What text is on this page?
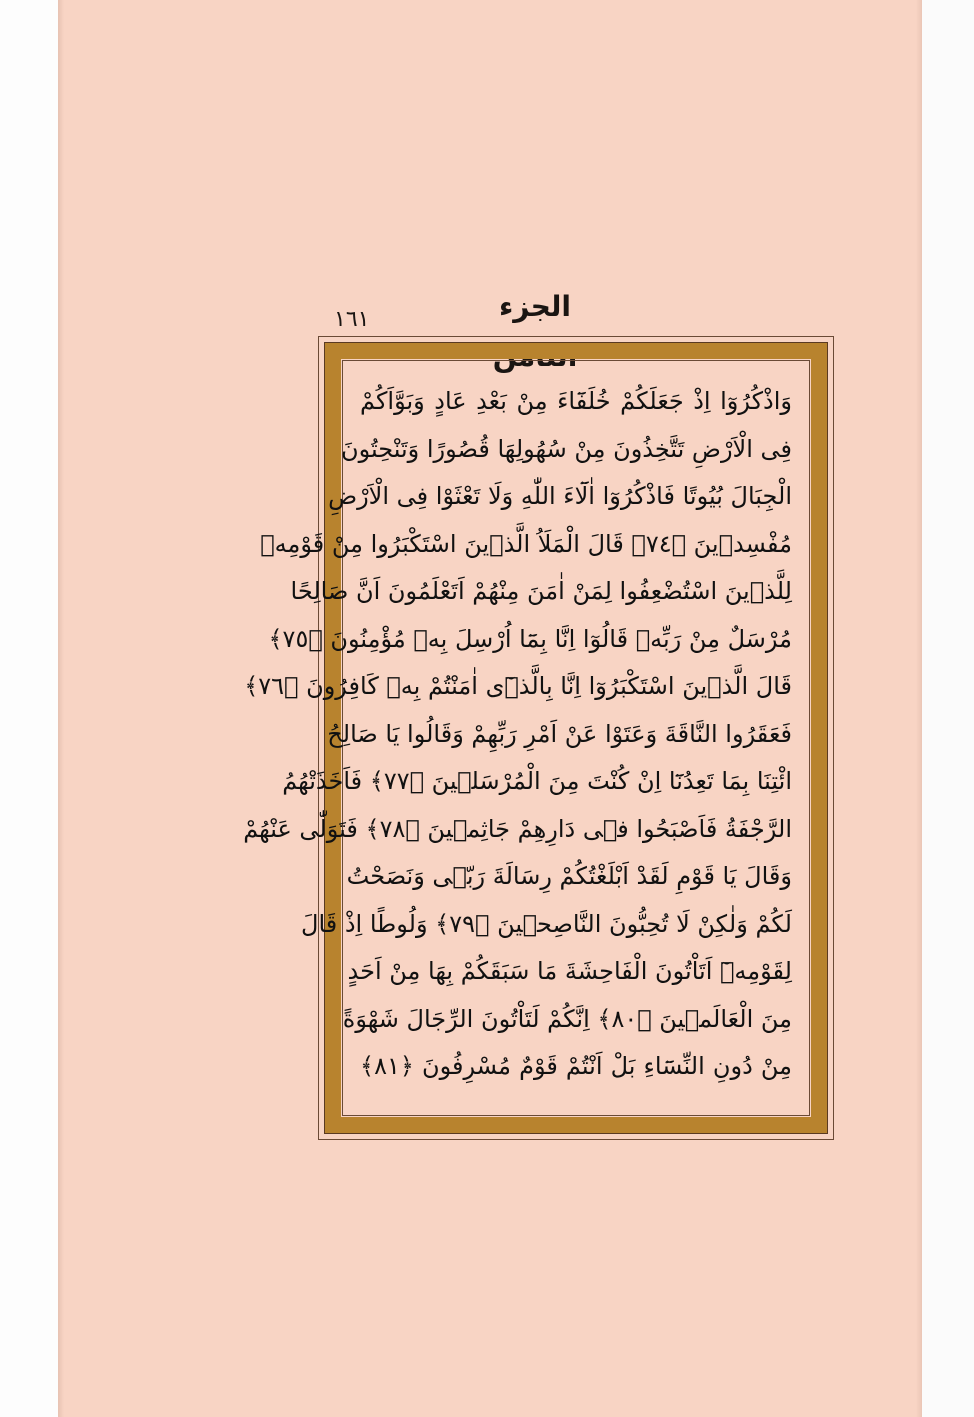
الجزء الثامن
١٦١
وَاذْكُرُوٓا اِذْ جَعَلَكُمْ خُلَفَٓاءَ مِنْ بَعْدِ عَادٍ وَبَوَّاَكُمْ
فِى الْاَرْضِ تَتَّخِذُونَ مِنْ سُهُولِهَا قُصُورًا وَتَنْحِتُونَ
الْجِبَالَ بُيُوتًا فَاذْكُرُوٓا اٰلَٓاءَ اللّٰهِ وَلَا تَعْثَوْا فِى الْاَرْضِ
مُفْسِدٖينَ ﴿٧٤﴾ قَالَ الْمَلَاُ الَّذٖينَ اسْتَكْبَرُوا مِنْ قَوْمِهٖ
لِلَّذٖينَ اسْتُضْعِفُوا لِمَنْ اٰمَنَ مِنْهُمْ اَتَعْلَمُونَ اَنَّ صَالِحًا
مُرْسَلٌ مِنْ رَبِّهٖ قَالُوٓا اِنَّا بِمَٓا اُرْسِلَ بِهٖ مُؤْمِنُونَ ﴿٧٥﴾
قَالَ الَّذٖينَ اسْتَكْبَرُوٓا اِنَّا بِالَّذٖٓى اٰمَنْتُمْ بِهٖ كَافِرُونَ ﴿٧٦﴾
فَعَقَرُوا النَّاقَةَ وَعَتَوْا عَنْ اَمْرِ رَبِّهِمْ وَقَالُوا يَا صَالِحُ
ائْتِنَا بِمَا تَعِدُنَٓا اِنْ كُنْتَ مِنَ الْمُرْسَلٖينَ ﴿٧٧﴾ فَاَخَذَتْهُمُ
الرَّجْفَةُ فَاَصْبَحُوا فٖى دَارِهِمْ جَاثِمٖينَ ﴿٧٨﴾ فَتَوَلّٰى عَنْهُمْ
وَقَالَ يَا قَوْمِ لَقَدْ اَبْلَغْتُكُمْ رِسَالَةَ رَبّٖى وَنَصَحْتُ
لَكُمْ وَلٰكِنْ لَا تُحِبُّونَ النَّاصِحٖينَ ﴿٧٩﴾ وَلُوطًا اِذْ قَالَ
لِقَوْمِهٖٓ اَتَاْتُونَ الْفَاحِشَةَ مَا سَبَقَكُمْ بِهَا مِنْ اَحَدٍ
مِنَ الْعَالَمٖينَ ﴿٨٠﴾ اِنَّكُمْ لَتَاْتُونَ الرِّجَالَ شَهْوَةً
مِنْ دُونِ النِّسَٓاءِ بَلْ اَنْتُمْ قَوْمٌ مُسْرِفُونَ ﴿٨١﴾
